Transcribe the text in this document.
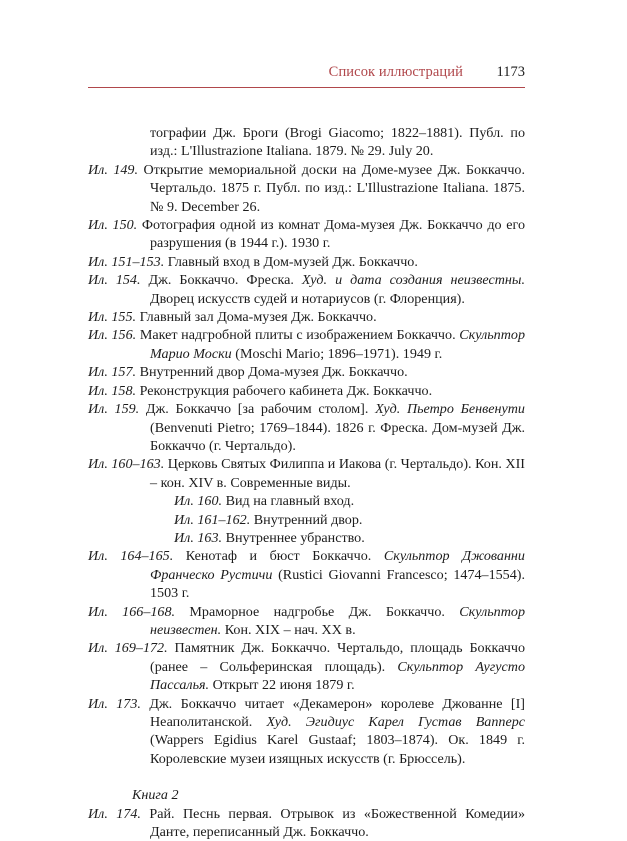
Список иллюстраций 1173

тографии Дж. Броги (Brogi Giacomo; 1822–1881). Публ. по изд.: L'Illustrazione Italiana. 1879. № 29. July 20.

Ил. 149. Открытие мемориальной доски на Доме-музее Дж. Боккаччо. Чертальдо. 1875 г. Публ. по изд.: L'Illustrazione Italiana. 1875. № 9. December 26.

Ил. 150. Фотография одной из комнат Дома-музея Дж. Боккаччо до его разрушения (в 1944 г.). 1930 г.

Ил. 151–153. Главный вход в Дом-музей Дж. Боккаччо.

Ил. 154. Дж. Боккаччо. Фреска. Худ. и дата создания неизвестны. Дворец искусств судей и нотариусов (г. Флоренция).

Ил. 155. Главный зал Дома-музея Дж. Боккаччо.

Ил. 156. Макет надгробной плиты с изображением Боккаччо. Скульптор Марио Моски (Moschi Mario; 1896–1971). 1949 г.

Ил. 157. Внутренний двор Дома-музея Дж. Боккаччо.

Ил. 158. Реконструкция рабочего кабинета Дж. Боккаччо.

Ил. 159. Дж. Боккаччо [за рабочим столом]. Худ. Пьетро Бенвенути (Benvenuti Pietro; 1769–1844). 1826 г. Фреска. Дом-музей Дж. Боккаччо (г. Чертальдо).

Ил. 160–163. Церковь Святых Филиппа и Иакова (г. Чертальдо). Кон. XII – кон. XIV в. Современные виды.

Ил. 160. Вид на главный вход.

Ил. 161–162. Внутренний двор.

Ил. 163. Внутреннее убранство.

Ил. 164–165. Кенотаф и бюст Боккаччо. Скульптор Джованни Франческо Рустичи (Rustici Giovanni Francesco; 1474–1554). 1503 г.

Ил. 166–168. Мраморное надгробье Дж. Боккаччо. Скульптор неизвестен. Кон. XIX – нач. XX в.

Ил. 169–172. Памятник Дж. Боккаччо. Чертальдо, площадь Боккаччо (ранее – Сольферинская площадь). Скульптор Аугусто Пассалья. Открыт 22 июня 1879 г.

Ил. 173. Дж. Боккаччо читает «Декамерон» королеве Джованне [I] Неаполитанской. Худ. Эгидиус Карел Густав Вапперс (Wappers Egidius Karel Gustaaf; 1803–1874). Ок. 1849 г. Королевские музеи изящных искусств (г. Брюссель).

Книга 2

Ил. 174. Рай. Песнь первая. Отрывок из «Божественной Комедии» Данте, переписанный Дж. Боккаччо.
